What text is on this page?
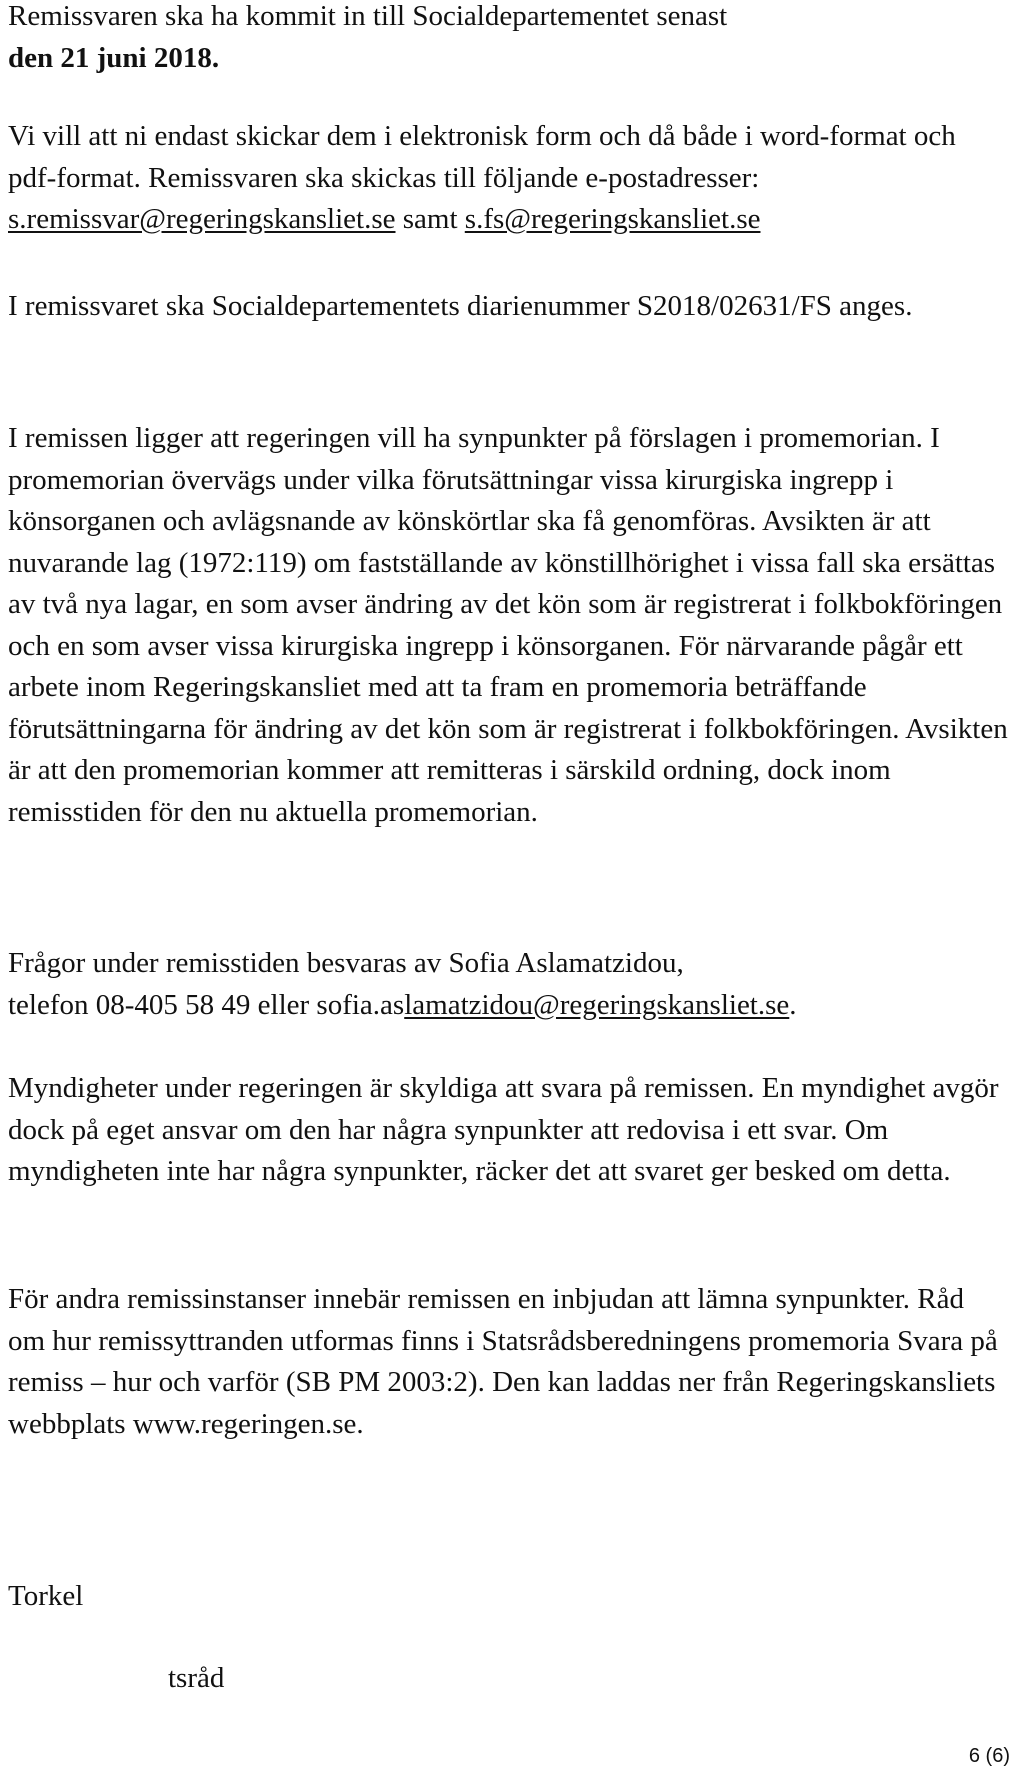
Remissvaren ska ha kommit in till Socialdepartementet senast
den 21 juni 2018.
Vi vill att ni endast skickar dem i elektronisk form och då både i word-format och pdf-format. Remissvaren ska skickas till följande e-postadresser:
s.remissvar@regeringskansliet.se samt s.fs@regeringskansliet.se
I remissvaret ska Socialdepartementets diarienummer S2018/02631/FS anges.
I remissen ligger att regeringen vill ha synpunkter på förslagen i promemorian. I promemorian övervägs under vilka förutsättningar vissa kirurgiska ingrepp i könsorganen och avlägsnande av könskörtlar ska få genomföras. Avsikten är att nuvarande lag (1972:119) om fastställande av könstillhörighet i vissa fall ska ersättas av två nya lagar, en som avser ändring av det kön som är registrerat i folkbokföringen och en som avser vissa kirurgiska ingrepp i könsorganen. För närvarande pågår ett arbete inom Regeringskansliet med att ta fram en promemoria beträffande förutsättningarna för ändring av det kön som är registrerat i folkbokföringen. Avsikten är att den promemorian kommer att remitteras i särskild ordning, dock inom remisstiden för den nu aktuella promemorian.
Frågor under remisstiden besvaras av Sofia Aslamatzidou,
telefon 08-405 58 49 eller sofia.aslamatzidou@regeringskansliet.se.
Myndigheter under regeringen är skyldiga att svara på remissen. En myndighet avgör dock på eget ansvar om den har några synpunkter att redovisa i ett svar. Om myndigheten inte har några synpunkter, räcker det att svaret ger besked om detta.
För andra remissinstanser innebär remissen en inbjudan att lämna synpunkter. Råd om hur remissyttranden utformas finns i Statsrådsberedningens promemoria Svara på remiss – hur och varför (SB PM 2003:2). Den kan laddas ner från Regeringskansliets webbplats www.regeringen.se.
Torkel
tsråd
6 (6)
